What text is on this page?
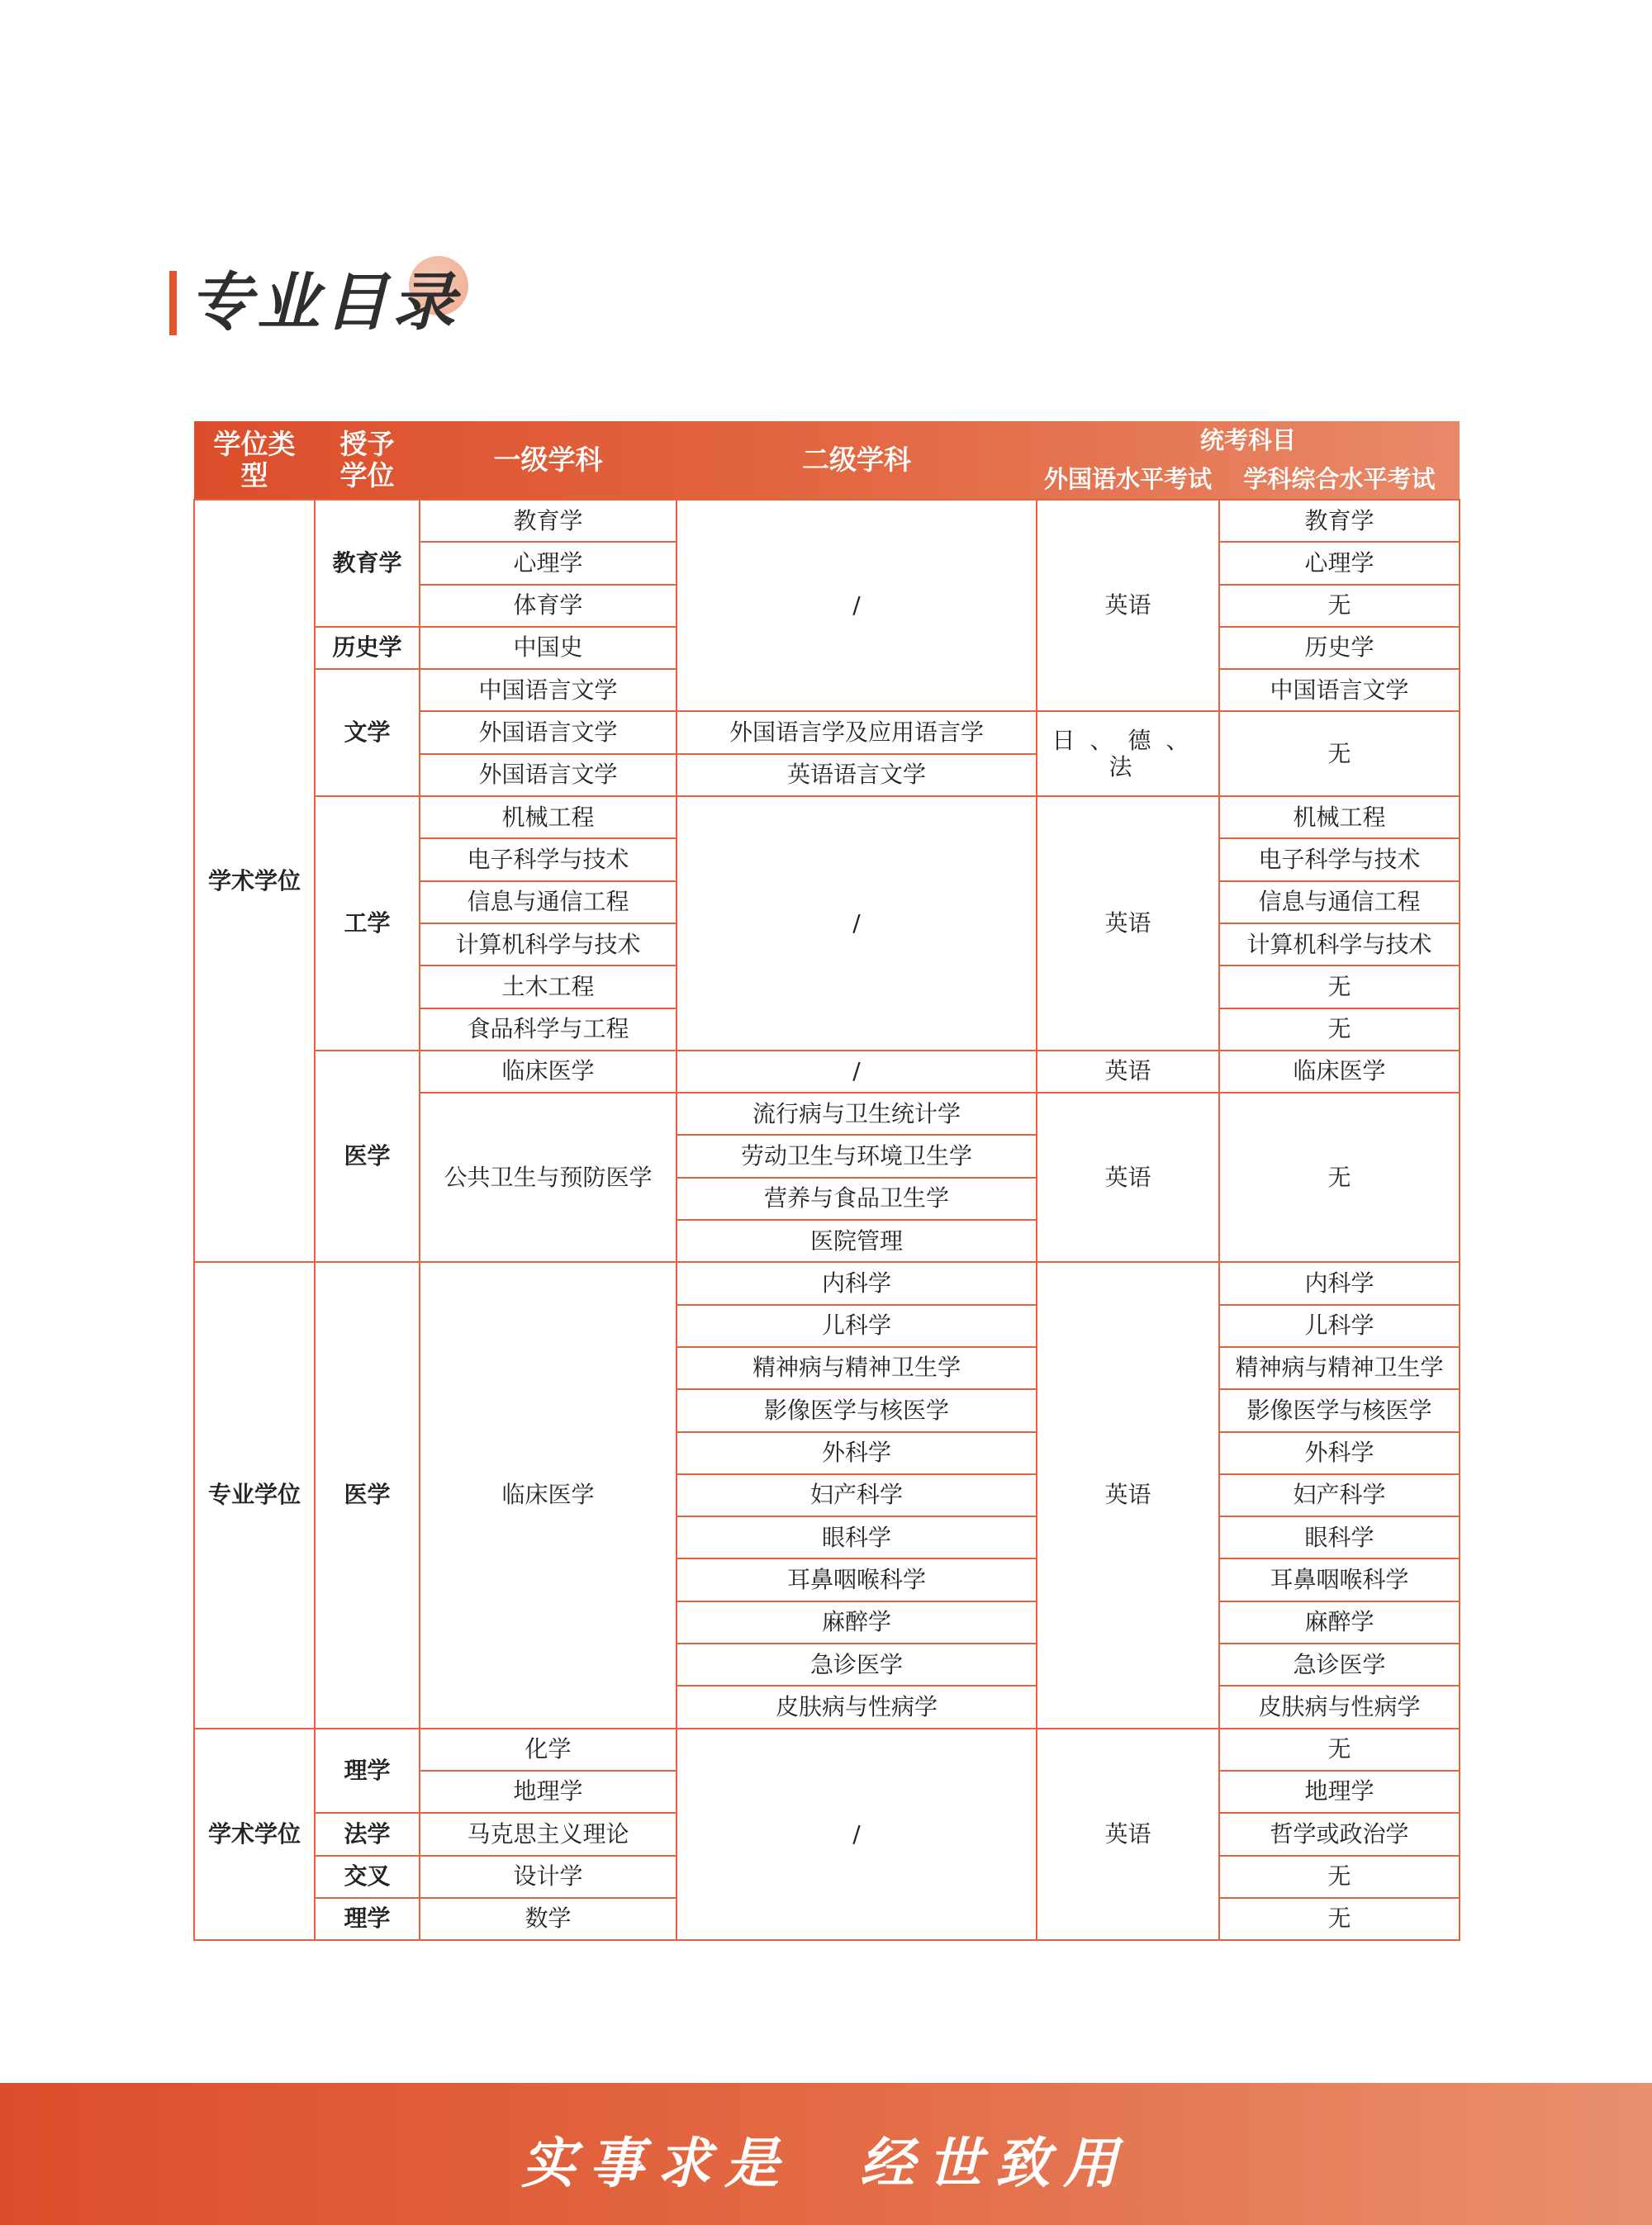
专业目录
学位类型	授予学位	一级学科	二级学科	统考科目	
				外国语水平考试	学科综合水平考试
学术学位	教育学	教育学	/	英语	教育学
		心理学			心理学
		体育学			无
	历史学	中国史			历史学
	文学	中国语言文学			中国语言文学
		外国语言文学	外国语言学及应用语言学	日、德、法	无
		外国语言文学	英语语言文学		
	工学	机械工程	/	英语	机械工程
		电子科学与技术			电子科学与技术
		信息与通信工程			信息与通信工程
		计算机科学与技术			计算机科学与技术
		土木工程			无
		食品科学与工程			无
	医学	临床医学	/	英语	临床医学
		公共卫生与预防医学	流行病与卫生统计学	英语	无
			劳动卫生与环境卫生学		
			营养与食品卫生学		
			医院管理		
专业学位	医学	临床医学	内科学	英语	内科学
			儿科学		儿科学
			精神病与精神卫生学		精神病与精神卫生学
			影像医学与核医学		影像医学与核医学
			外科学		外科学
			妇产科学		妇产科学
			眼科学		眼科学
			耳鼻咽喉科学		耳鼻咽喉科学
			麻醉学		麻醉学
			急诊医学		急诊医学
			皮肤病与性病学		皮肤病与性病学
学术学位	理学	化学	/	英语	无
		地理学			地理学
	法学	马克思主义理论			哲学或政治学
	交叉	设计学			无
	理学	数学			无
实事求是　经世致用
